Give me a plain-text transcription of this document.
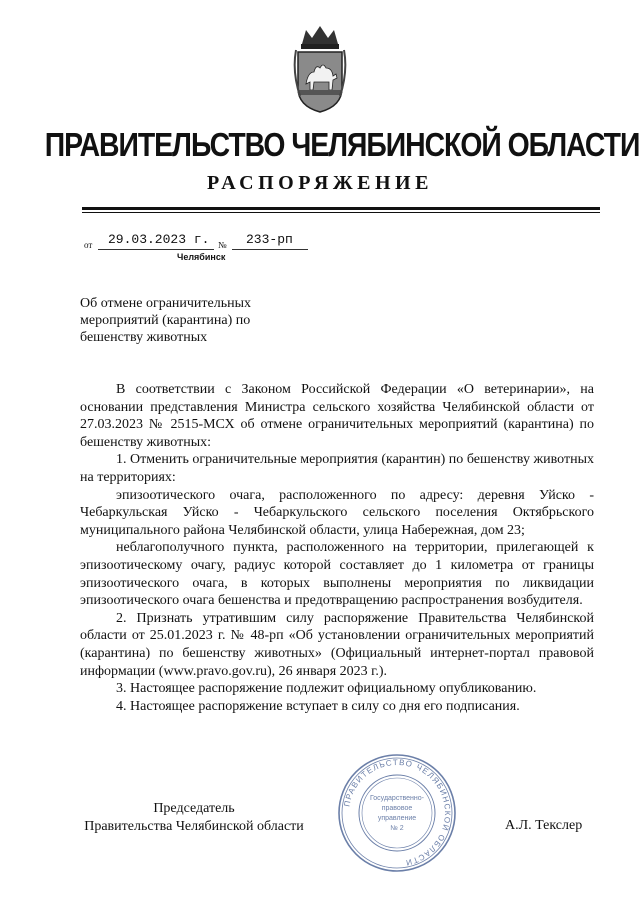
ПРАВИТЕЛЬСТВО ЧЕЛЯБИНСКОЙ ОБЛАСТИ
РАСПОРЯЖЕНИЕ
от 29.03.2023 г. № 233-рп
Челябинск
Об отмене ограничительных мероприятий (карантина) по бешенству животных

В соответствии с Законом Российской Федерации «О ветеринарии», на основании представления Министра сельского хозяйства Челябинской области от 27.03.2023 № 2515-МСХ об отмене ограничительных мероприятий (карантина) по бешенству животных:

1. Отменить ограничительные мероприятия (карантин) по бешенству животных на территориях:

эпизоотического очага, расположенного по адресу: деревня Уйско - Чебаркульская Уйско - Чебаркульского сельского поселения Октябрьского муниципального района Челябинской области, улица Набережная, дом 23;

неблагополучного пункта, расположенного на территории, прилегающей к эпизоотическому очагу, радиус которой составляет до 1 километра от границы эпизоотического очага, в которых выполнены мероприятия по ликвидации эпизоотического очага бешенства и предотвращению распространения возбудителя.

2. Признать утратившим силу распоряжение Правительства Челябинской области от 25.01.2023 г. № 48-рп «Об установлении ограничительных мероприятий (карантина) по бешенству животных» (Официальный интернет-портал правовой информации (www.pravo.gov.ru), 26 января 2023 г.).

3. Настоящее распоряжение подлежит официальному опубликованию.

4. Настоящее распоряжение вступает в силу со дня его подписания.

Председатель
Правительства Челябинской области	А.Л. Текслер
ПРАВИТЕЛЬСТВО ЧЕЛЯБИНСКОЙ ОБЛАСТИ
Государственно-
правовое
управление
№ 2
